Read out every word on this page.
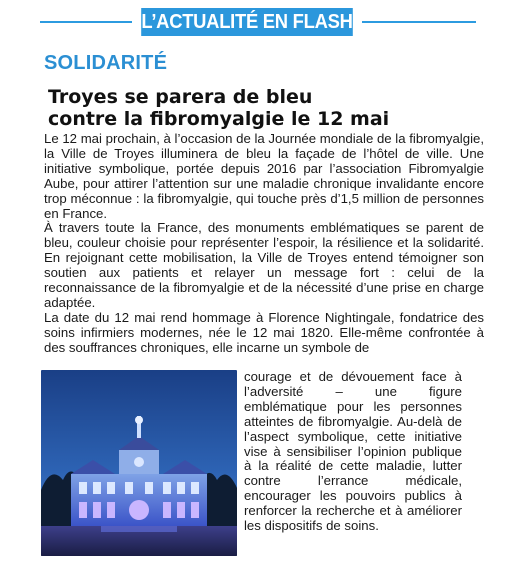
L’ACTUALITÉ EN FLASH
SOLIDARITÉ
Troyes se parera de bleu
contre la fibromyalgie le 12 mai

Le 12 mai prochain, à l’occasion de la Journée mondiale de la fibromyalgie, la Ville de Troyes illuminera de bleu la façade de l’hôtel de ville. Une initiative symbolique, portée depuis 2016 par l’association Fibromyalgie Aube, pour attirer l’attention sur une maladie chronique invalidante encore trop méconnue : la fibromyalgie, qui touche près d’1,5 million de personnes en France.

À travers toute la France, des monuments emblématiques se parent de bleu, couleur choisie pour représenter l’espoir, la résilience et la solidarité. En rejoignant cette mobilisation, la Ville de Troyes entend témoigner son soutien aux patients et relayer un message fort : celui de la reconnaissance de la fibromyalgie et de la nécessité d’une prise en charge adaptée.

La date du 12 mai rend hommage à Florence Nightingale, fondatrice des soins infirmiers modernes, née le 12 mai 1820. Elle-même confrontée à des souffrances chroniques, elle incarne un symbole de

courage et de dévouement face à l’adversité – une figure emblématique pour les personnes atteintes de fibromyalgie. Au-delà de l’aspect symbolique, cette initiative vise à sensibiliser l’opinion publique à la réalité de cette maladie, lutter contre l’errance médicale, encourager les pouvoirs publics à renforcer la recherche et à améliorer les dispositifs de soins.
